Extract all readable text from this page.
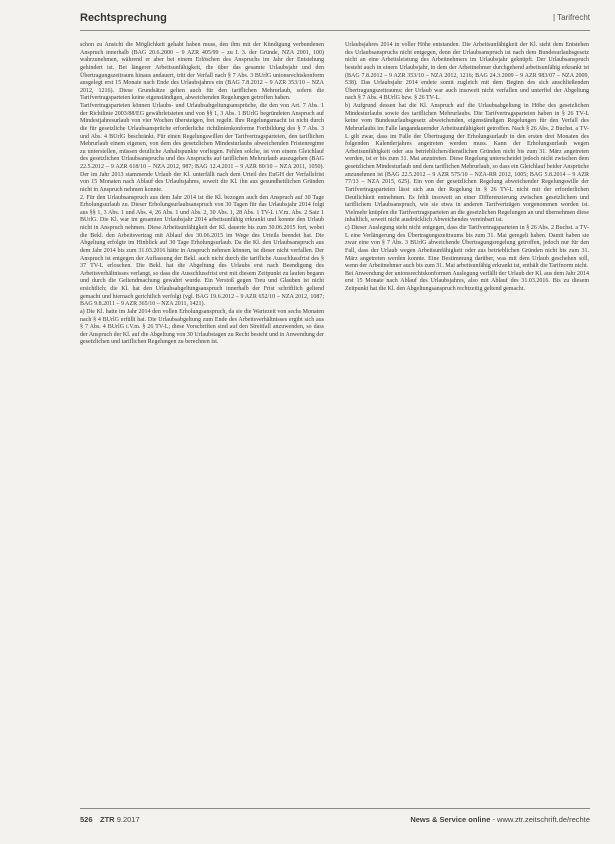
Rechtsprechung	| Tarifrecht

schon zu Ansicht die Möglichkeit gehabt haben muss, den ihm mit der Kündigung verbundenen Anspruch innerhalb (BAG 20.6.2000 – 9 AZR 405/99 – zu I. 3. der Gründe, NZA 2001, 100) wahrzunehmen, während er aber bei einem Erlöschen des Anspruchs im Jahr der Entstehung gehindert ist. Bei längerer Arbeitsunfähigkeit, die über das gesamte Urlaubsjahr und den Übertragungszeitraum hinaus andauert, tritt der Verfall nach § 7 Abs. 3 BUrlG unionsrechtskonform ausgelegt erst 15 Monate nach Ende des Urlaubsjahres ein (BAG 7.8.2012 – 9 AZR 353/10 – NZA 2012, 1216). Diese Grundsätze gelten auch für den tariflichen Mehrurlaub, sofern die Tarifvertragsparteien keine eigenständigen, abweichenden Regelungen getroffen haben.

Tarifvertragsparteien können Urlaubs- und Urlaubsabgeltungsansprüche, die den von Art. 7 Abs. 1 der Richtlinie 2003/88/EG gewährleisteten und von §§ 1, 3 Abs. 1 BUrlG begründeten Anspruch auf Mindestjahresurlaub von vier Wochen übersteigen, frei regeln. Ihre Regelungsmacht ist nicht durch die für gesetzliche Urlaubsansprüche erforderliche richtlinienkonforme Fortbildung des § 7 Abs. 3 und Abs. 4 BUrlG beschränkt. Für einen Regelungswillen der Tarifvertragsparteien, den tariflichen Mehrurlaub einem eigenen, von dem des gesetzlichen Mindesturlaubs abweichenden Fristenregime zu unterstellen, müssen deutliche Anhaltspunkte vorliegen. Fehlen solche, ist von einem Gleichlauf des gesetzlichen Urlaubsanspruchs und des Anspruchs auf tariflichen Mehrurlaub auszugehen (BAG 22.5.2012 – 9 AZR 618/10 – NZA 2012, 987; BAG 12.4.2011 – 9 AZR 80/10 – NZA 2011, 1050). Der im Jahr 2013 stammende Urlaub der Kl. unterfällt nach dem Urteil des EuGH der Verfallsfrist von 15 Monaten nach Ablauf des Urlaubsjahres, soweit die Kl. ihn aus gesundheitlichen Gründen nicht in Anspruch nehmen konnte.

2. Für den Urlaubsanspruch aus dem Jahr 2014 ist die Kl. bezogen auch den Anspruch auf 30 Tage Erholungsurlaub zu. Dieser Erholungsurlaubsanspruch von 30 Tagen für das Urlaubsjahr 2014 folgt aus §§ 1, 3 Abs. 1 und Abs. 4, 26 Abs. 1 und Abs. 2, 30 Abs. 1, 28 Abs. 1 TV-L i.V.m. Abs. 2 Satz 1 BUrlG. Die Kl. war im gesamten Urlaubsjahr 2014 arbeitsunfähig erkrankt und konnte den Urlaub nicht in Anspruch nehmen. Diese Arbeitsunfähigkeit der Kl. dauerte bis zum 30.06.2015 fort, wobei die Bekl. den Arbeitsvertrag mit Ablauf des 30.06.2015 im Wege des Urteils beendet hat. Die Abgeltung erfolgte im Hinblick auf 30 Tage Erholungsurlaub. Da die Kl. den Urlaubsanspruch aus dem Jahr 2014 bis zum 31.03.2016 hätte in Anspruch nehmen können, ist dieser nicht verfallen. Der Anspruch ist entgegen der Auffassung der Bekl. auch nicht durch die tarifliche Ausschlussfrist des § 37 TV-L erloschen. Die Bekl. hat die Abgeltung des Urlaubs erst nach Beendigung des Arbeitsverhältnisses verlangt, so dass die Ausschlussfrist erst mit diesem Zeitpunkt zu laufen begann und durch die Geltendmachung gewahrt wurde. Ein Verstoß gegen Treu und Glauben ist nicht ersichtlich; die Kl. hat den Urlaubsabgeltungsanspruch innerhalb der Frist schriftlich geltend gemacht und hiernach gerichtlich verfolgt (vgl. BAG 19.6.2012 – 9 AZR 652/10 – NZA 2012, 1087; BAG 9.8.2011 – 9 AZR 365/10 – NZA 2011, 1421).

a) Die Kl. hatte im Jahr 2014 den vollen Erholungsanspruch, da sie die Wartezeit von sechs Monaten nach § 4 BUrlG erfüllt hat. Die Urlaubsabgeltung zum Ende des Arbeitsverhältnisses ergibt sich aus § 7 Abs. 4 BUrlG i.V.m. § 26 TV-L; diese Vorschriften sind auf den Streitfall anzuwenden, so dass der Anspruch der Kl. auf die Abgeltung von 30 Urlaubstagen zu Recht besteht und in Anwendung der gesetzlichen und tariflichen Regelungen zu berechnen ist.

Urlaubsjahres 2014 in voller Höhe entstanden. Die Arbeitsunfähigkeit der Kl. steht dem Entstehen des Urlaubsanspruchs nicht entgegen, denn der Urlaubsanspruch ist nach dem Bundesurlaubsgesetz nicht an eine Arbeitsleistung des Arbeitnehmers im Urlaubsjahr geknüpft. Der Urlaubsanspruch besteht auch in einem Urlaubsjahr, in dem der Arbeitnehmer durchgehend arbeitsunfähig erkrankt ist (BAG 7.8.2012 – 9 AZR 353/10 – NZA 2012, 1216; BAG 24.3.2009 – 9 AZR 983/07 – NZA 2009, 538). Das Urlaubsjahr 2014 endete somit zugleich mit dem Beginn des sich anschließenden Übertragungszeitraums; der Urlaub war auch insoweit nicht verfallen und unterfiel der Abgeltung nach § 7 Abs. 4 BUrlG bzw. § 26 TV-L.

b) Aufgrund dessen hat die Kl. Anspruch auf die Urlaubsabgeltung in Höhe des gesetzlichen Mindesturlaubs sowie des tariflichen Mehrurlaubs. Die Tarifvertragsparteien haben in § 26 TV-L keine vom Bundesurlaubsgesetz abweichenden, eigenständigen Regelungen für den Verfall des Mehrurlaubs im Falle langandauernder Arbeitsunfähigkeit getroffen. Nach § 26 Abs. 2 Buchst. a TV-L gilt zwar, dass im Falle der Übertragung der Erholungsurlaub in den ersten drei Monaten des folgenden Kalenderjahres angetreten werden muss. Kann der Erholungsurlaub wegen Arbeitsunfähigkeit oder aus betrieblichen/dienstlichen Gründen nicht bis zum 31. März angetreten werden, ist er bis zum 31. Mai anzutreten. Diese Regelung unterscheidet jedoch nicht zwischen dem gesetzlichen Mindesturlaub und dem tariflichen Mehrurlaub, so dass ein Gleichlauf beider Ansprüche anzunehmen ist (BAG 22.5.2012 – 9 AZR 575/10 – NZA-RR 2012, 1005; BAG 5.8.2014 – 9 AZR 77/13 – NZA 2015, 625). Ein von der gesetzlichen Regelung abweichender Regelungswille der Tarifvertragsparteien lässt sich aus der Regelung in § 26 TV-L nicht mit der erforderlichen Deutlichkeit entnehmen. Es fehlt insoweit an einer Differenzierung zwischen gesetzlichem und tariflichem Urlaubsanspruch, wie sie etwa in anderen Tarifverträgen vorgenommen worden ist. Vielmehr knüpfen die Tarifvertragsparteien an die gesetzlichen Regelungen an und übernehmen diese inhaltlich, soweit nicht ausdrücklich Abweichendes vereinbart ist.

c) Dieser Auslegung steht nicht entgegen, dass die Tarifvertragsparteien in § 26 Abs. 2 Buchst. a TV-L eine Verlängerung des Übertragungszeitraums bis zum 31. Mai geregelt haben. Damit haben sie zwar eine von § 7 Abs. 3 BUrlG abweichende Übertragungsregelung getroffen, jedoch nur für den Fall, dass der Urlaub wegen Arbeitsunfähigkeit oder aus betrieblichen Gründen nicht bis zum 31. März angetreten werden konnte. Eine Bestimmung darüber, was mit dem Urlaub geschehen soll, wenn der Arbeitnehmer auch bis zum 31. Mai arbeitsunfähig erkrankt ist, enthält die Tarifnorm nicht.

Bei Anwendung der unionsrechtskonformen Auslegung verfällt der Urlaub der Kl. aus dem Jahr 2014 erst 15 Monate nach Ablauf des Urlaubsjahres, also mit Ablauf des 31.03.2016. Bis zu diesem Zeitpunkt hat die Kl. den Abgeltungsanspruch rechtzeitig geltend gemacht.

526 ZTR 9.2017	News & Service online - www.ztr.zeitschrift.de/rechte
